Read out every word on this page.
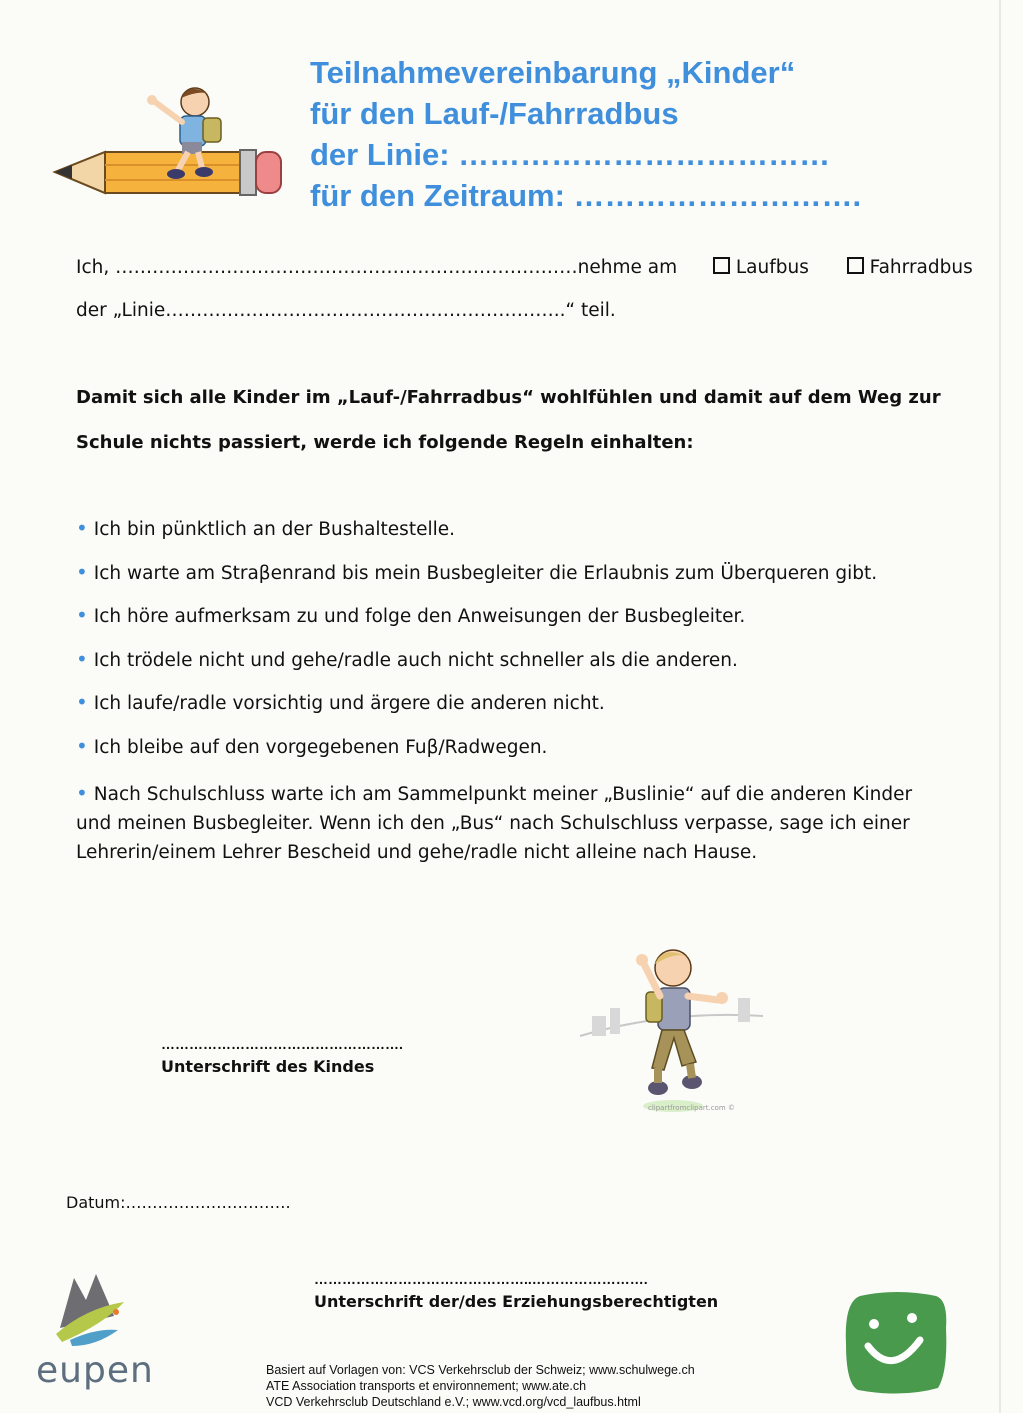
Teilnahmevereinbarung „Kinder“
für den Lauf-/Fahrradbus
der Linie: ………………………………
für den Zeitraum: ……………………….
Ich, …………………………………………………………………nehme am	Laufbus	Fahrradbus
der „Linie………………………………………………………..“ teil.
Damit sich alle Kinder im „Lauf-/Fahrradbus“ wohlfühlen und damit auf dem Weg zur
Schule nichts passiert, werde ich folgende Regeln einhalten:
• Ich bin pünktlich an der Bushaltestelle.
• Ich warte am Straβenrand bis mein Busbegleiter die Erlaubnis zum Überqueren gibt.
• Ich höre aufmerksam zu und folge den Anweisungen der Busbegleiter.
• Ich trödele nicht und gehe/radle auch nicht schneller als die anderen.
• Ich laufe/radle vorsichtig und ärgere die anderen nicht.
• Ich bleibe auf den vorgegebenen Fuβ/Radwegen.
• Nach Schulschluss warte ich am Sammelpunkt meiner „Buslinie“ auf die anderen Kinder und meinen Busbegleiter. Wenn ich den „Bus“ nach Schulschluss verpasse, sage ich einer Lehrerin/einem Lehrer Bescheid und gehe/radle nicht alleine nach Hause.
…………………………………………….
Unterschrift des Kindes
clipartfromclipart.com ©
Datum:………………………….
………………………………………..…………………….
Unterschrift der/des Erziehungsberechtigten
eupen	Basiert auf Vorlagen von: VCS Verkehrsclub der Schweiz; www.schulwege.ch
ATE Association transports et environnement; www.ate.ch
VCD Verkehrsclub Deutschland e.V.; www.vcd.org/vcd_laufbus.html
